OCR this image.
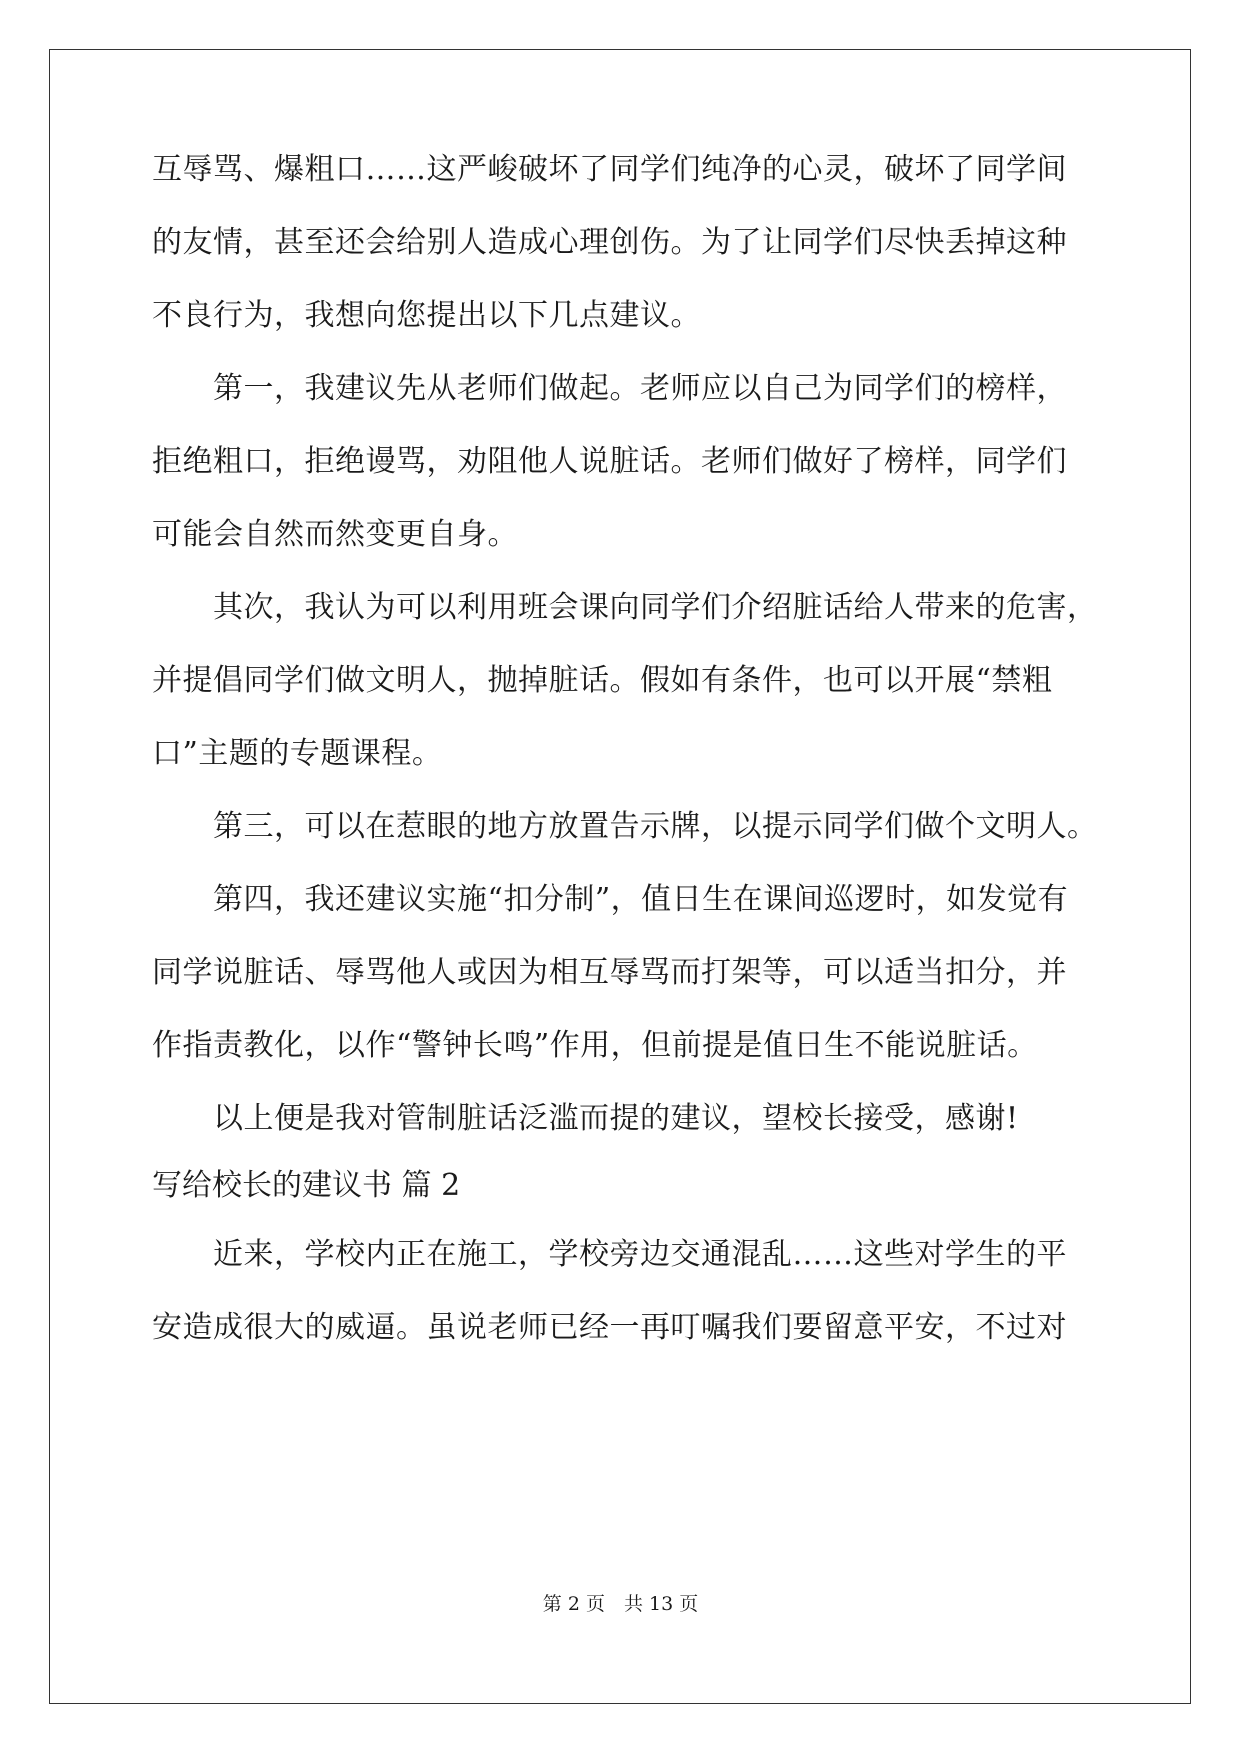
互辱骂、爆粗口……这严峻破坏了同学们纯净的心灵，破坏了同学间
的友情，甚至还会给别人造成心理创伤。为了让同学们尽快丢掉这种
不良行为，我想向您提出以下几点建议。
　　第一，我建议先从老师们做起。老师应以自己为同学们的榜样，
拒绝粗口，拒绝谩骂，劝阻他人说脏话。老师们做好了榜样，同学们
可能会自然而然变更自身。
　　其次，我认为可以利用班会课向同学们介绍脏话给人带来的危害，
并提倡同学们做文明人，抛掉脏话。假如有条件，也可以开展“禁粗
口”主题的专题课程。
　　第三，可以在惹眼的地方放置告示牌，以提示同学们做个文明人。
　　第四，我还建议实施“扣分制”，值日生在课间巡逻时，如发觉有
同学说脏话、辱骂他人或因为相互辱骂而打架等，可以适当扣分，并
作指责教化，以作“警钟长鸣”作用，但前提是值日生不能说脏话。
　　以上便是我对管制脏话泛滥而提的建议，望校长接受，感谢!
写给校长的建议书 篇 2
　　近来，学校内正在施工，学校旁边交通混乱……这些对学生的平
安造成很大的威逼。虽说老师已经一再叮嘱我们要留意平安，不过对
第 2 页　共 13 页
